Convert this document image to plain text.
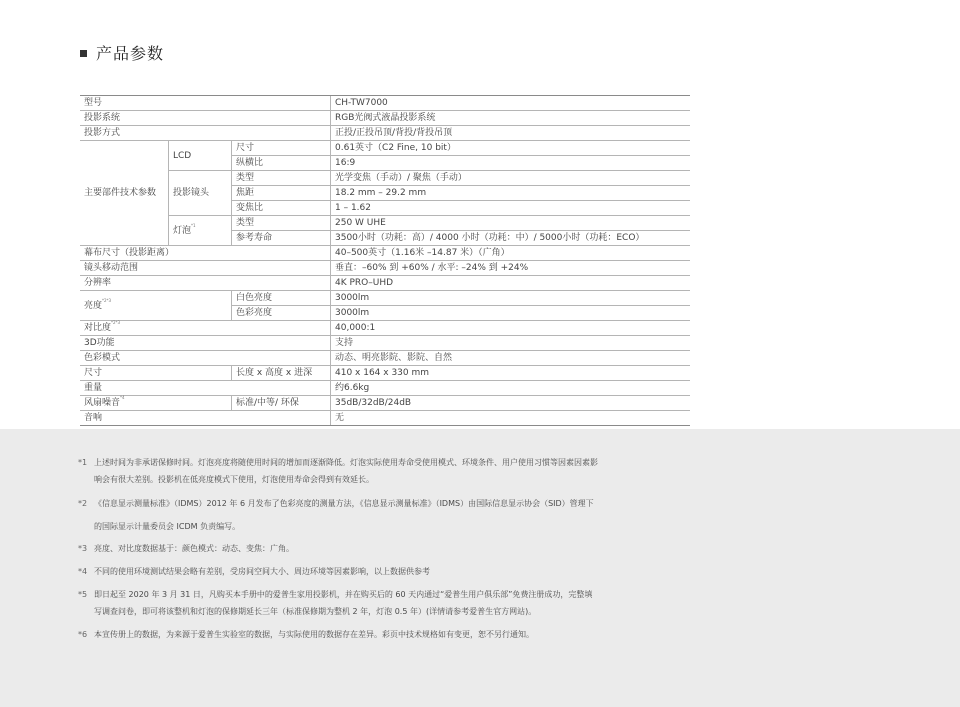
产品参数
型号			CH-TW7000
投影系统			RGB光阀式液晶投影系统
投影方式			正投/正投吊顶/背投/背投吊顶
主要部件技术参数	LCD	尺寸	0.61英寸（C2 Fine, 10 bit）
		纵横比	16:9
	投影镜头	类型	光学变焦（手动）/ 聚焦（手动）
		焦距	18.2 mm – 29.2 mm
		变焦比	1 – 1.62
	灯泡$^{*1}$	类型	250 W UHE
		参考寿命	3500小时（功耗：高）/ 4000 小时（功耗：中）/ 5000小时（功耗：ECO）
幕布尺寸（投影距离）			40–500英寸（1.16米 –14.87 米）（广角）
镜头移动范围			垂直：–60% 到 +60% / 水平: –24% 到 +24%
分辨率			4K PRO–UHD
亮度$^{*2*3}$		白色亮度	3000lm
		色彩亮度	3000lm
对比度$^{*2*3}$			40,000:1
3D功能			支持
色彩模式			动态、明亮影院、影院、自然
尺寸		长度 x 高度 x 进深	410 x 164 x 330 mm
重量			约6.6kg
风扇噪音$^{*4}$		标准/中等/ 环保	35dB/32dB/24dB
音响			无
*1 上述时间为非承诺保修时间。灯泡亮度将随使用时间的增加而逐渐降低。灯泡实际使用寿命受使用模式、环境条件、用户使用习惯等因素因素影
响会有很大差别。投影机在低亮度模式下使用，灯泡使用寿命会得到有效延长。
*2 《信息显示测量标准》（IDMS）2012 年 6 月发布了色彩亮度的测量方法，《信息显示测量标准》（IDMS）由国际信息显示协会（SID）管理下
的国际显示计量委员会 ICDM 负责编写。
*3 亮度、对比度数据基于：颜色模式：动态、变焦：广角。
*4 不同的使用环境测试结果会略有差别，受房间空间大小、周边环境等因素影响，以上数据供参考
*5 即日起至 2020 年 3 月 31 日，凡购买本手册中的爱普生家用投影机，并在购买后的 60 天内通过“爱普生用户俱乐部”免费注册成功，完整填
写调查问卷，即可将该整机和灯泡的保修期延长三年（标准保修期为整机 2 年，灯泡 0.5 年）(详情请参考爱普生官方网站)。
*6 本宣传册上的数据，为来源于爱普生实验室的数据，与实际使用的数据存在差异。彩页中技术规格如有变更，恕不另行通知。
